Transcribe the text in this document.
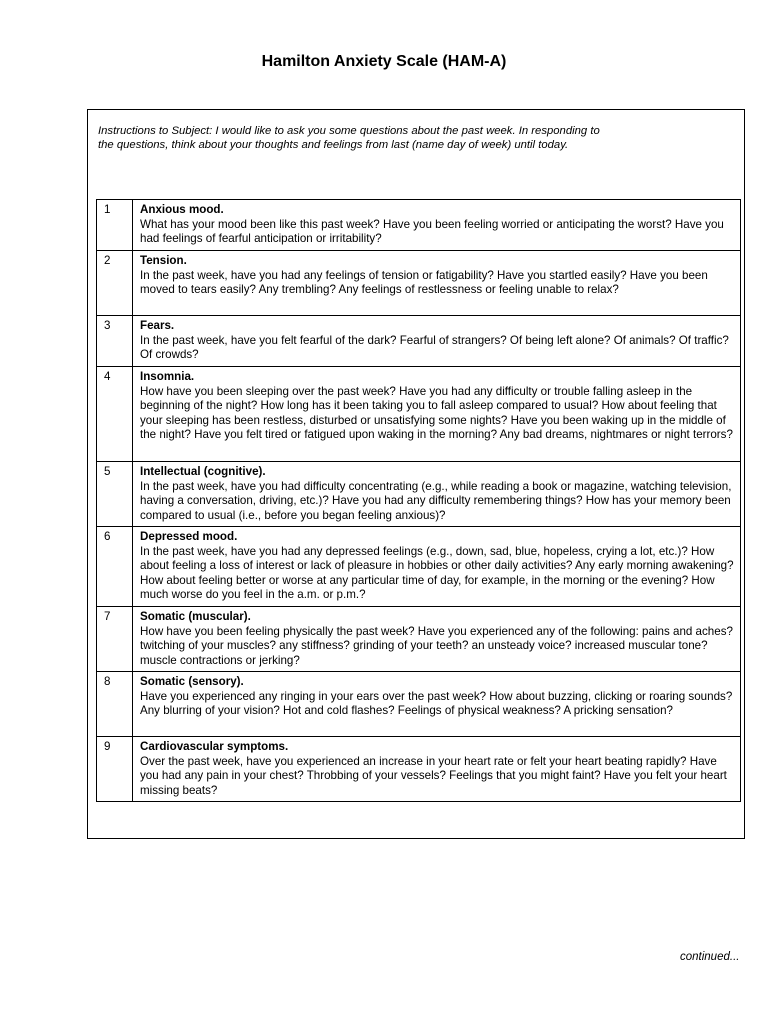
Hamilton Anxiety Scale (HAM-A)
Instructions to Subject: I would like to ask you some questions about the past week. In responding to
the questions, think about your thoughts and feelings from last (name day of week) until today.
1	Anxious mood.
What has your mood been like this past week? Have you been feeling worried or anticipating the worst? Have you had feelings of fearful anticipation or irritability?

2	Tension.
In the past week, have you had any feelings of tension or fatigability? Have you startled easily? Have you been moved to tears easily? Any trembling? Any feelings of restlessness or feeling unable to relax?

3	Fears.
In the past week, have you felt fearful of the dark? Fearful of strangers? Of being left alone? Of animals? Of traffic? Of crowds?

4	Insomnia.
How have you been sleeping over the past week? Have you had any difficulty or trouble falling asleep in the beginning of the night? How long has it been taking you to fall asleep compared to usual? How about feeling that your sleeping has been restless, disturbed or unsatisfying some nights? Have you been waking up in the middle of the night? Have you felt tired or fatigued upon waking in the morning? Any bad dreams, nightmares or night terrors?

5	Intellectual (cognitive).
In the past week, have you had difficulty concentrating (e.g., while reading a book or magazine, watching television, having a conversation, driving, etc.)? Have you had any difficulty remembering things? How has your memory been compared to usual (i.e., before you began feeling anxious)?

6	Depressed mood.
In the past week, have you had any depressed feelings (e.g., down, sad, blue, hopeless, crying a lot, etc.)? How about feeling a loss of interest or lack of pleasure in hobbies or other daily activities? Any early morning awakening? How about feeling better or worse at any particular time of day, for example, in the morning or the evening? How much worse do you feel in the a.m. or p.m.?

7	Somatic (muscular).
How have you been feeling physically the past week? Have you experienced any of the following: pains and aches? twitching of your muscles? any stiffness? grinding of your teeth? an unsteady voice? increased muscular tone? muscle contractions or jerking?

8	Somatic (sensory).
Have you experienced any ringing in your ears over the past week? How about buzzing, clicking or roaring sounds? Any blurring of your vision? Hot and cold flashes? Feelings of physical weakness? A pricking sensation?

9	Cardiovascular symptoms.
Over the past week, have you experienced an increase in your heart rate or felt your heart beating rapidly? Have you had any pain in your chest? Throbbing of your vessels? Feelings that you might faint? Have you felt your heart missing beats?
continued...
